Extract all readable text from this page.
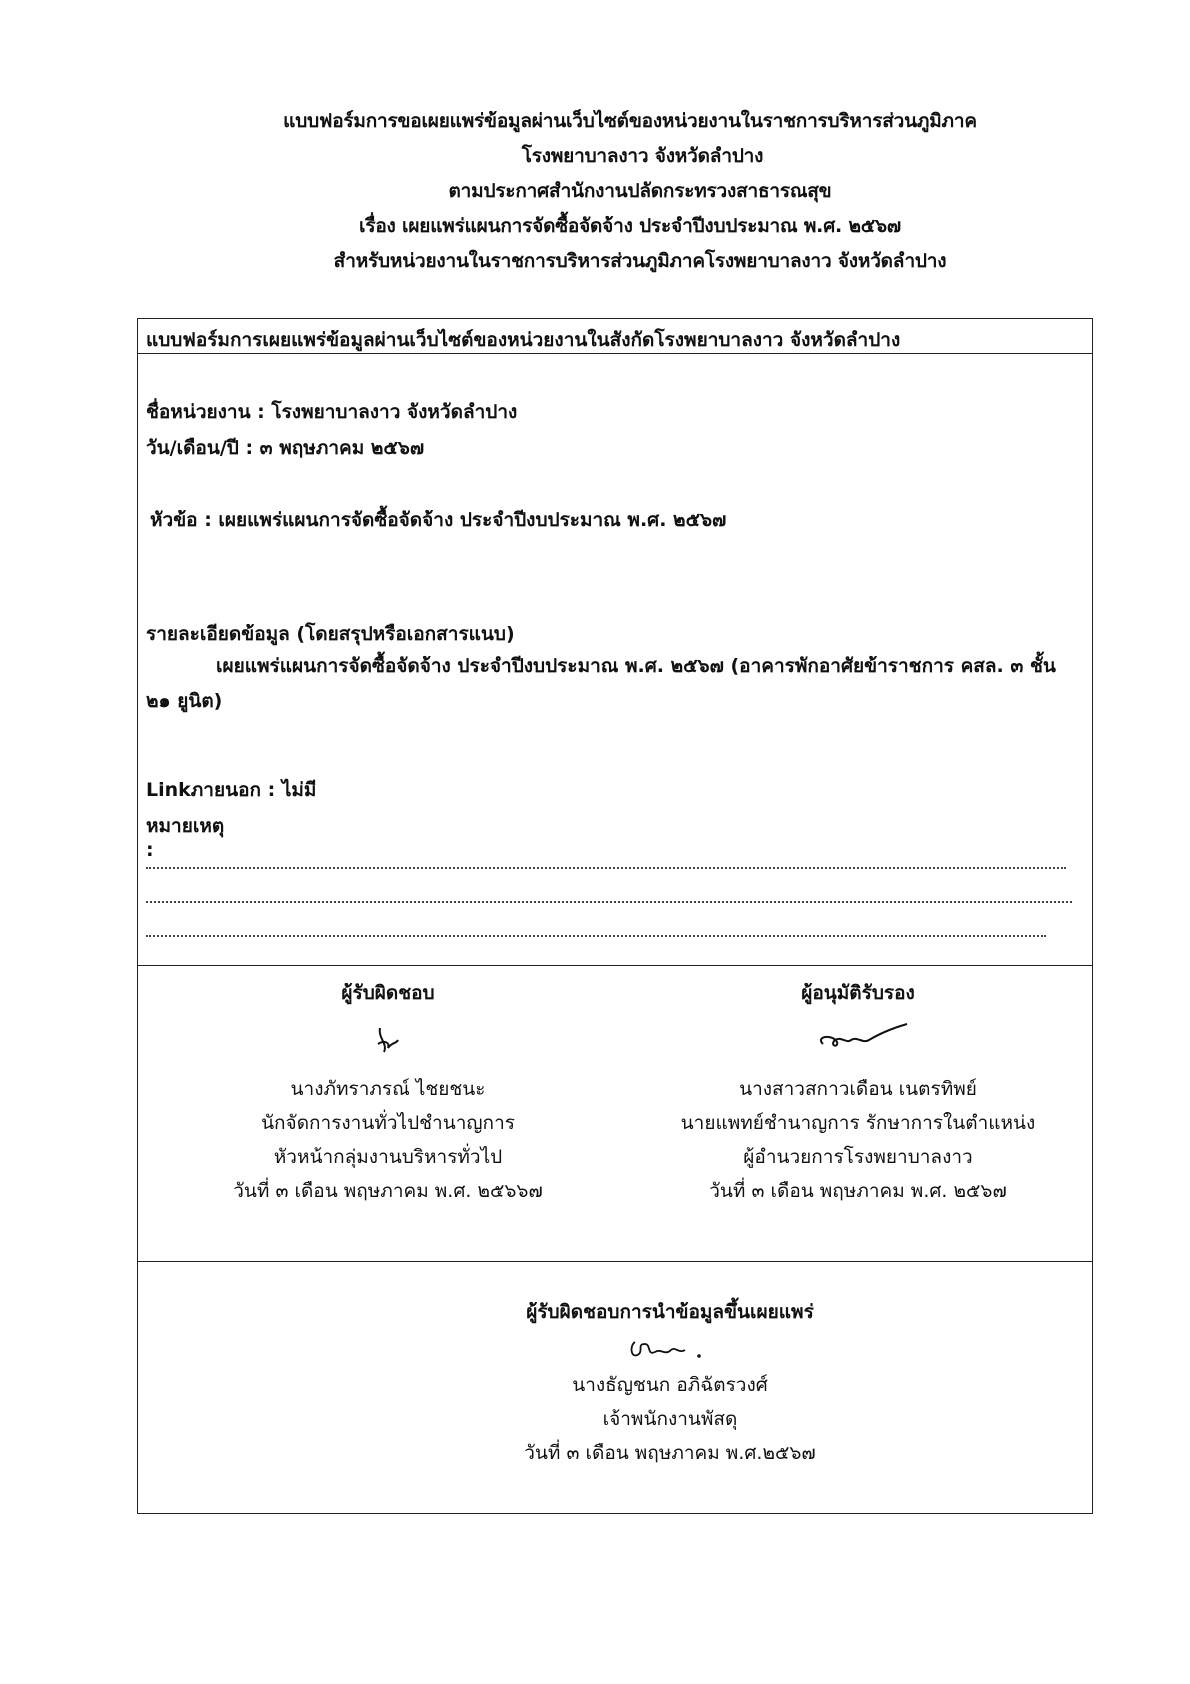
แบบฟอร์มการขอเผยแพร่ข้อมูลผ่านเว็บไซต์ของหน่วยงานในราชการบริหารส่วนภูมิภาค
โรงพยาบาลงาว จังหวัดลำปาง
ตามประกาศสำนักงานปลัดกระทรวงสาธารณสุข
เรื่อง เผยแพร่แผนการจัดซื้อจัดจ้าง ประจำปีงบประมาณ พ.ศ. ๒๕๖๗
สำหรับหน่วยงานในราชการบริหารส่วนภูมิภาคโรงพยาบาลงาว จังหวัดลำปาง
แบบฟอร์มการเผยแพร่ข้อมูลผ่านเว็บไซต์ของหน่วยงานในสังกัดโรงพยาบาลงาว จังหวัดลำปาง
ชื่อหน่วยงาน : โรงพยาบาลงาว จังหวัดลำปาง
วัน/เดือน/ปี : ๓ พฤษภาคม ๒๕๖๗
หัวข้อ : เผยแพร่แผนการจัดซื้อจัดจ้าง ประจำปีงบประมาณ พ.ศ. ๒๕๖๗
รายละเอียดข้อมูล (โดยสรุปหรือเอกสารแนบ)
เผยแพร่แผนการจัดซื้อจัดจ้าง ประจำปีงบประมาณ พ.ศ. ๒๕๖๗ (อาคารพักอาศัยข้าราชการ คสล. ๓ ชั้น ๒๑ ยูนิต)
Linkภายนอก : ไม่มี
หมายเหตุ
:
ผู้รับผิดชอบ
นางภัทราภรณ์ ไชยชนะ
นักจัดการงานทั่วไปชำนาญการ
หัวหน้ากลุ่มงานบริหารทั่วไป
วันที่ ๓ เดือน พฤษภาคม พ.ศ. ๒๕๖๖๗
ผู้อนุมัติรับรอง
นางสาวสกาวเดือน เนตรทิพย์
นายแพทย์ชำนาญการ รักษาการในตำแหน่ง
ผู้อำนวยการโรงพยาบาลงาว
วันที่ ๓ เดือน พฤษภาคม พ.ศ. ๒๕๖๗
ผู้รับผิดชอบการนำข้อมูลขึ้นเผยแพร่
นางธัญชนก อภิฉัตรวงศ์
เจ้าพนักงานพัสดุ
วันที่ ๓ เดือน พฤษภาคม พ.ศ.๒๕๖๗
